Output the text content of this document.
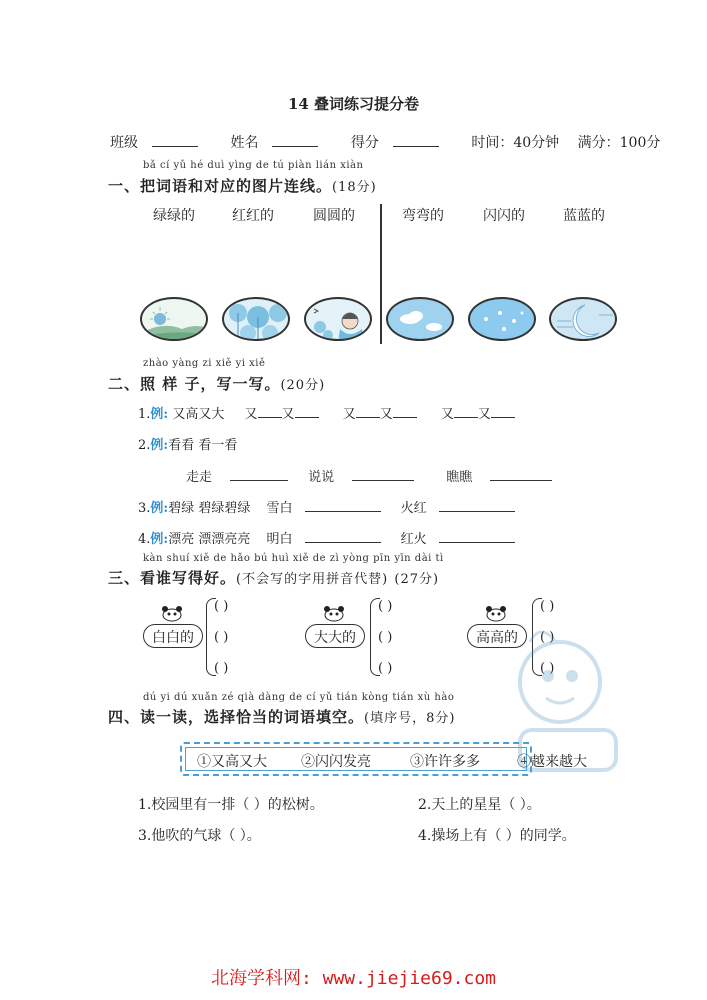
14 叠词练习提分卷
班级	姓名	得分	时间：40分钟 满分：100分
bǎ cí yǔ hé duì yìng de tú piàn lián xiàn
一、把词语和对应的图片连线。(18分)
绿绿的	红红的	圆圆的	弯弯的	闪闪的	蓝蓝的
zhào yàng zi xiě yi xiě
二、照 样 子，写一写。(20分)
1.例: 又高又大 又 又	又 又	又 又
2.例:看看 看一看
走走	说说	瞧瞧
3.例:碧绿 碧绿碧绿 雪白	火红
4.例:漂亮 漂漂亮亮 明白	红火
kàn shuí xiě de hǎo bú huì xiě de zì yòng pīn yīn dài tì
三、看谁写得好。(不会写的字用拼音代替) (27分)
白白的
( )
( )
( )
大大的
( )
( )
( )
高高的
( )
( )
( )
dú yi dú xuǎn zé qià dàng de cí yǔ tián kòng tián xù hào
四、读一读，选择恰当的词语填空。(填序号，8分)
①又高又大 ②闪闪发亮	③许许多多	④越来越大
1.校园里有一排（ ）的松树。	2.天上的星星（ ）。
3.他吹的气球（ ）。	4.操场上有（ ）的同学。
北海学科网: www.jiejie69.com
